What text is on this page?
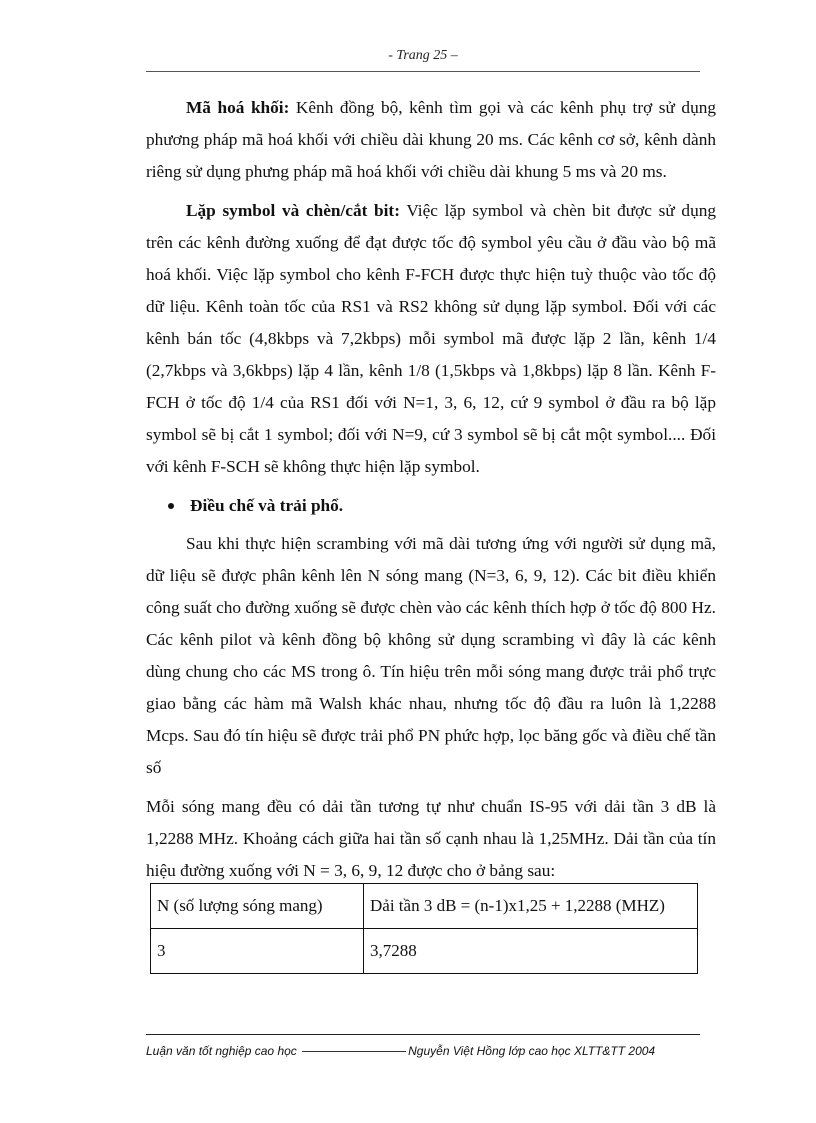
- Trang 25 –

Mã hoá khối: Kênh đồng bộ, kênh tìm gọi và các kênh phụ trợ sử dụng phương pháp mã hoá khối với chiều dài khung 20 ms. Các kênh cơ sở, kênh dành riêng sử dụng phưng pháp mã hoá khối với chiều dài khung 5 ms và 20 ms.

Lặp symbol và chèn/cắt bit: Việc lặp symbol và chèn bit được sử dụng trên các kênh đường xuống để đạt được tốc độ symbol yêu cầu ở đầu vào bộ mã hoá khối. Việc lặp symbol cho kênh F-FCH được thực hiện tuỳ thuộc vào tốc độ dữ liệu. Kênh toàn tốc của RS1 và RS2 không sử dụng lặp symbol. Đối với các kênh bán tốc (4,8kbps và 7,2kbps) mỗi symbol mã được lặp 2 lần, kênh 1/4 (2,7kbps và 3,6kbps) lặp 4 lần, kênh 1/8 (1,5kbps và 1,8kbps) lặp 8 lần. Kênh F-FCH ở tốc độ 1/4 của RS1 đối với N=1, 3, 6, 12, cứ 9 symbol ở đầu ra bộ lặp symbol sẽ bị cắt 1 symbol; đối với N=9, cứ 3 symbol sẽ bị cắt một symbol.... Đối với kênh F-SCH sẽ không thực hiện lặp symbol.

Điều chế và trải phổ.

Sau khi thực hiện scrambing với mã dài tương ứng với người sử dụng mã, dữ liệu sẽ được phân kênh lên N sóng mang (N=3, 6, 9, 12). Các bit điều khiển công suất cho đường xuống sẽ được chèn vào các kênh thích hợp ở tốc độ 800 Hz. Các kênh pilot và kênh đồng bộ không sử dụng scrambing vì đây là các kênh dùng chung cho các MS trong ô. Tín hiệu trên mỗi sóng mang được trải phổ trực giao bằng các hàm mã Walsh khác nhau, nhưng tốc độ đầu ra luôn là 1,2288 Mcps. Sau đó tín hiệu sẽ được trải phổ PN phức hợp, lọc băng gốc và điều chế tần số

Mỗi sóng mang đều có dải tần tương tự như chuẩn IS-95 với dải tần 3 dB là 1,2288 MHz. Khoảng cách giữa hai tần số cạnh nhau là 1,25MHz. Dải tần của tín hiệu đường xuống với N = 3, 6, 9, 12 được cho ở bảng sau:

N (số lượng sóng mang)	Dải tần 3 dB = (n-1)x1,25 + 1,2288 (MHZ)
3	3,7288
Luận văn tốt nghiệp cao học	Nguyễn Việt Hồng lớp cao học XLTT&TT 2004
